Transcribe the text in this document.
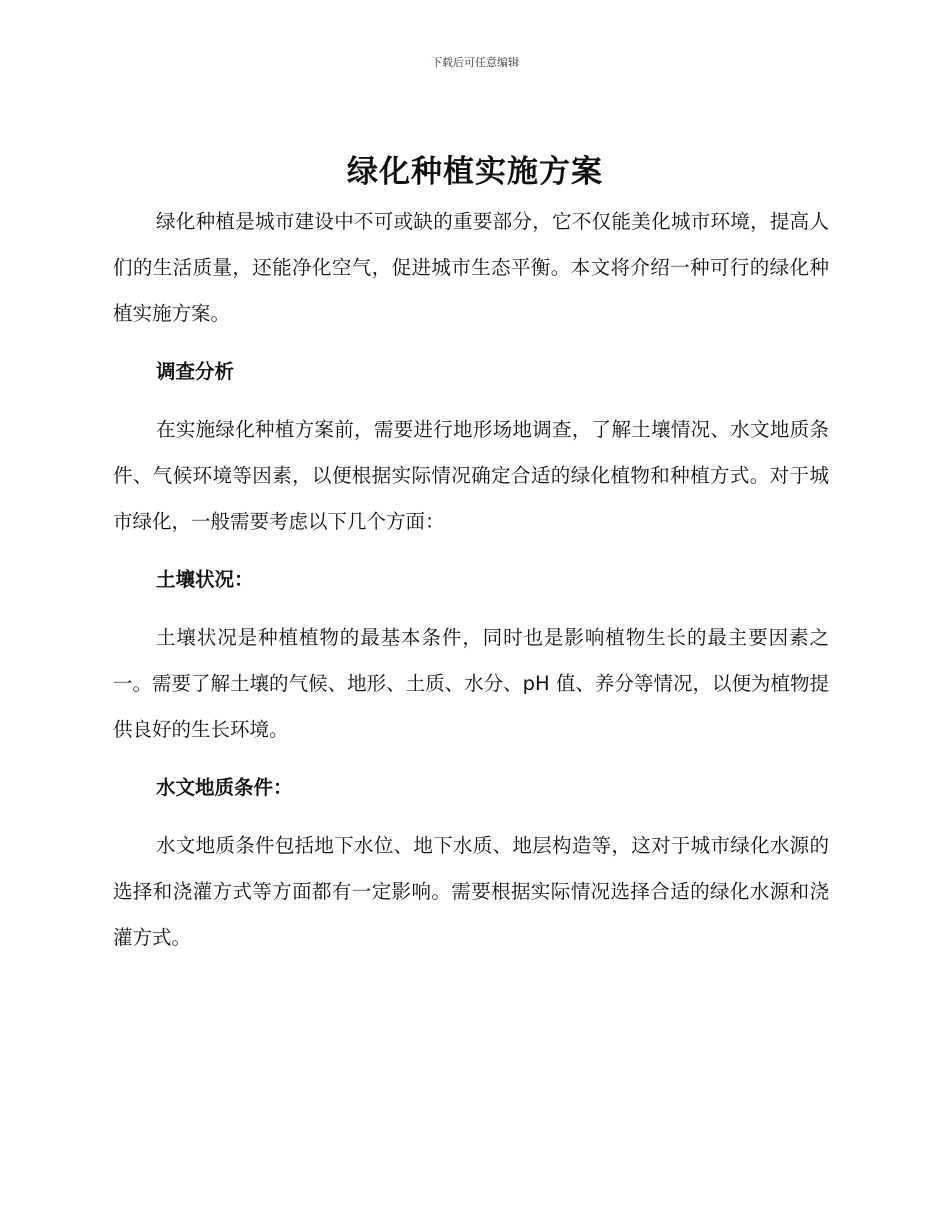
下载后可任意编辑
绿化种植实施方案

绿化种植是城市建设中不可或缺的重要部分，它不仅能美化城市环境，提高人们的生活质量，还能净化空气，促进城市生态平衡。本文将介绍一种可行的绿化种植实施方案。

调查分析

在实施绿化种植方案前，需要进行地形场地调查，了解土壤情况、水文地质条件、气候环境等因素，以便根据实际情况确定合适的绿化植物和种植方式。对于城市绿化，一般需要考虑以下几个方面：

土壤状况：

土壤状况是种植植物的最基本条件，同时也是影响植物生长的最主要因素之一。需要了解土壤的气候、地形、土质、水分、pH 值、养分等情况，以便为植物提供良好的生长环境。

水文地质条件：

水文地质条件包括地下水位、地下水质、地层构造等，这对于城市绿化水源的选择和浇灌方式等方面都有一定影响。需要根据实际情况选择合适的绿化水源和浇灌方式。
